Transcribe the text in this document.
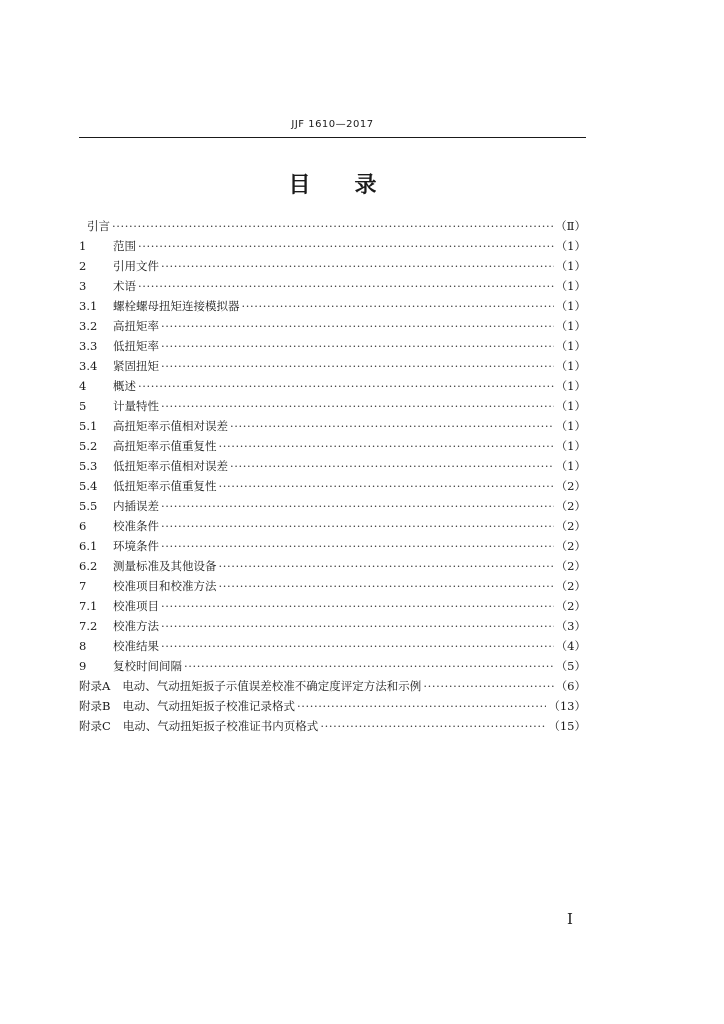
JJF 1610—2017
目　　录
引言 ·····	（Ⅱ）
1	范围 ·····	（1）
2	引用文件 ·····	（1）
3	术语 ·····	（1）
3.1	螺栓螺母扭矩连接模拟器 ·····	（1）
3.2	高扭矩率 ·····	（1）
3.3	低扭矩率 ·····	（1）
3.4	紧固扭矩 ·····	（1）
4	概述 ·····	（1）
5	计量特性 ·····	（1）
5.1	高扭矩率示值相对误差 ·····	（1）
5.2	高扭矩率示值重复性 ·····	（1）
5.3	低扭矩率示值相对误差 ·····	（1）
5.4	低扭矩率示值重复性 ·····	（2）
5.5	内插误差 ·····	（2）
6	校准条件 ·····	（2）
6.1	环境条件 ·····	（2）
6.2	测量标准及其他设备 ·····	（2）
7	校准项目和校准方法 ·····	（2）
7.1	校准项目 ·····	（2）
7.2	校准方法 ·····	（3）
8	校准结果 ·····	（4）
9	复校时间间隔 ·····	（5）
附录A 电动、气动扭矩扳子示值误差校准不确定度评定方法和示例 ·····	（6）
附录B 电动、气动扭矩扳子校准记录格式 ·····	（13）
附录C 电动、气动扭矩扳子校准证书内页格式 ·····	（15）
Ⅰ
